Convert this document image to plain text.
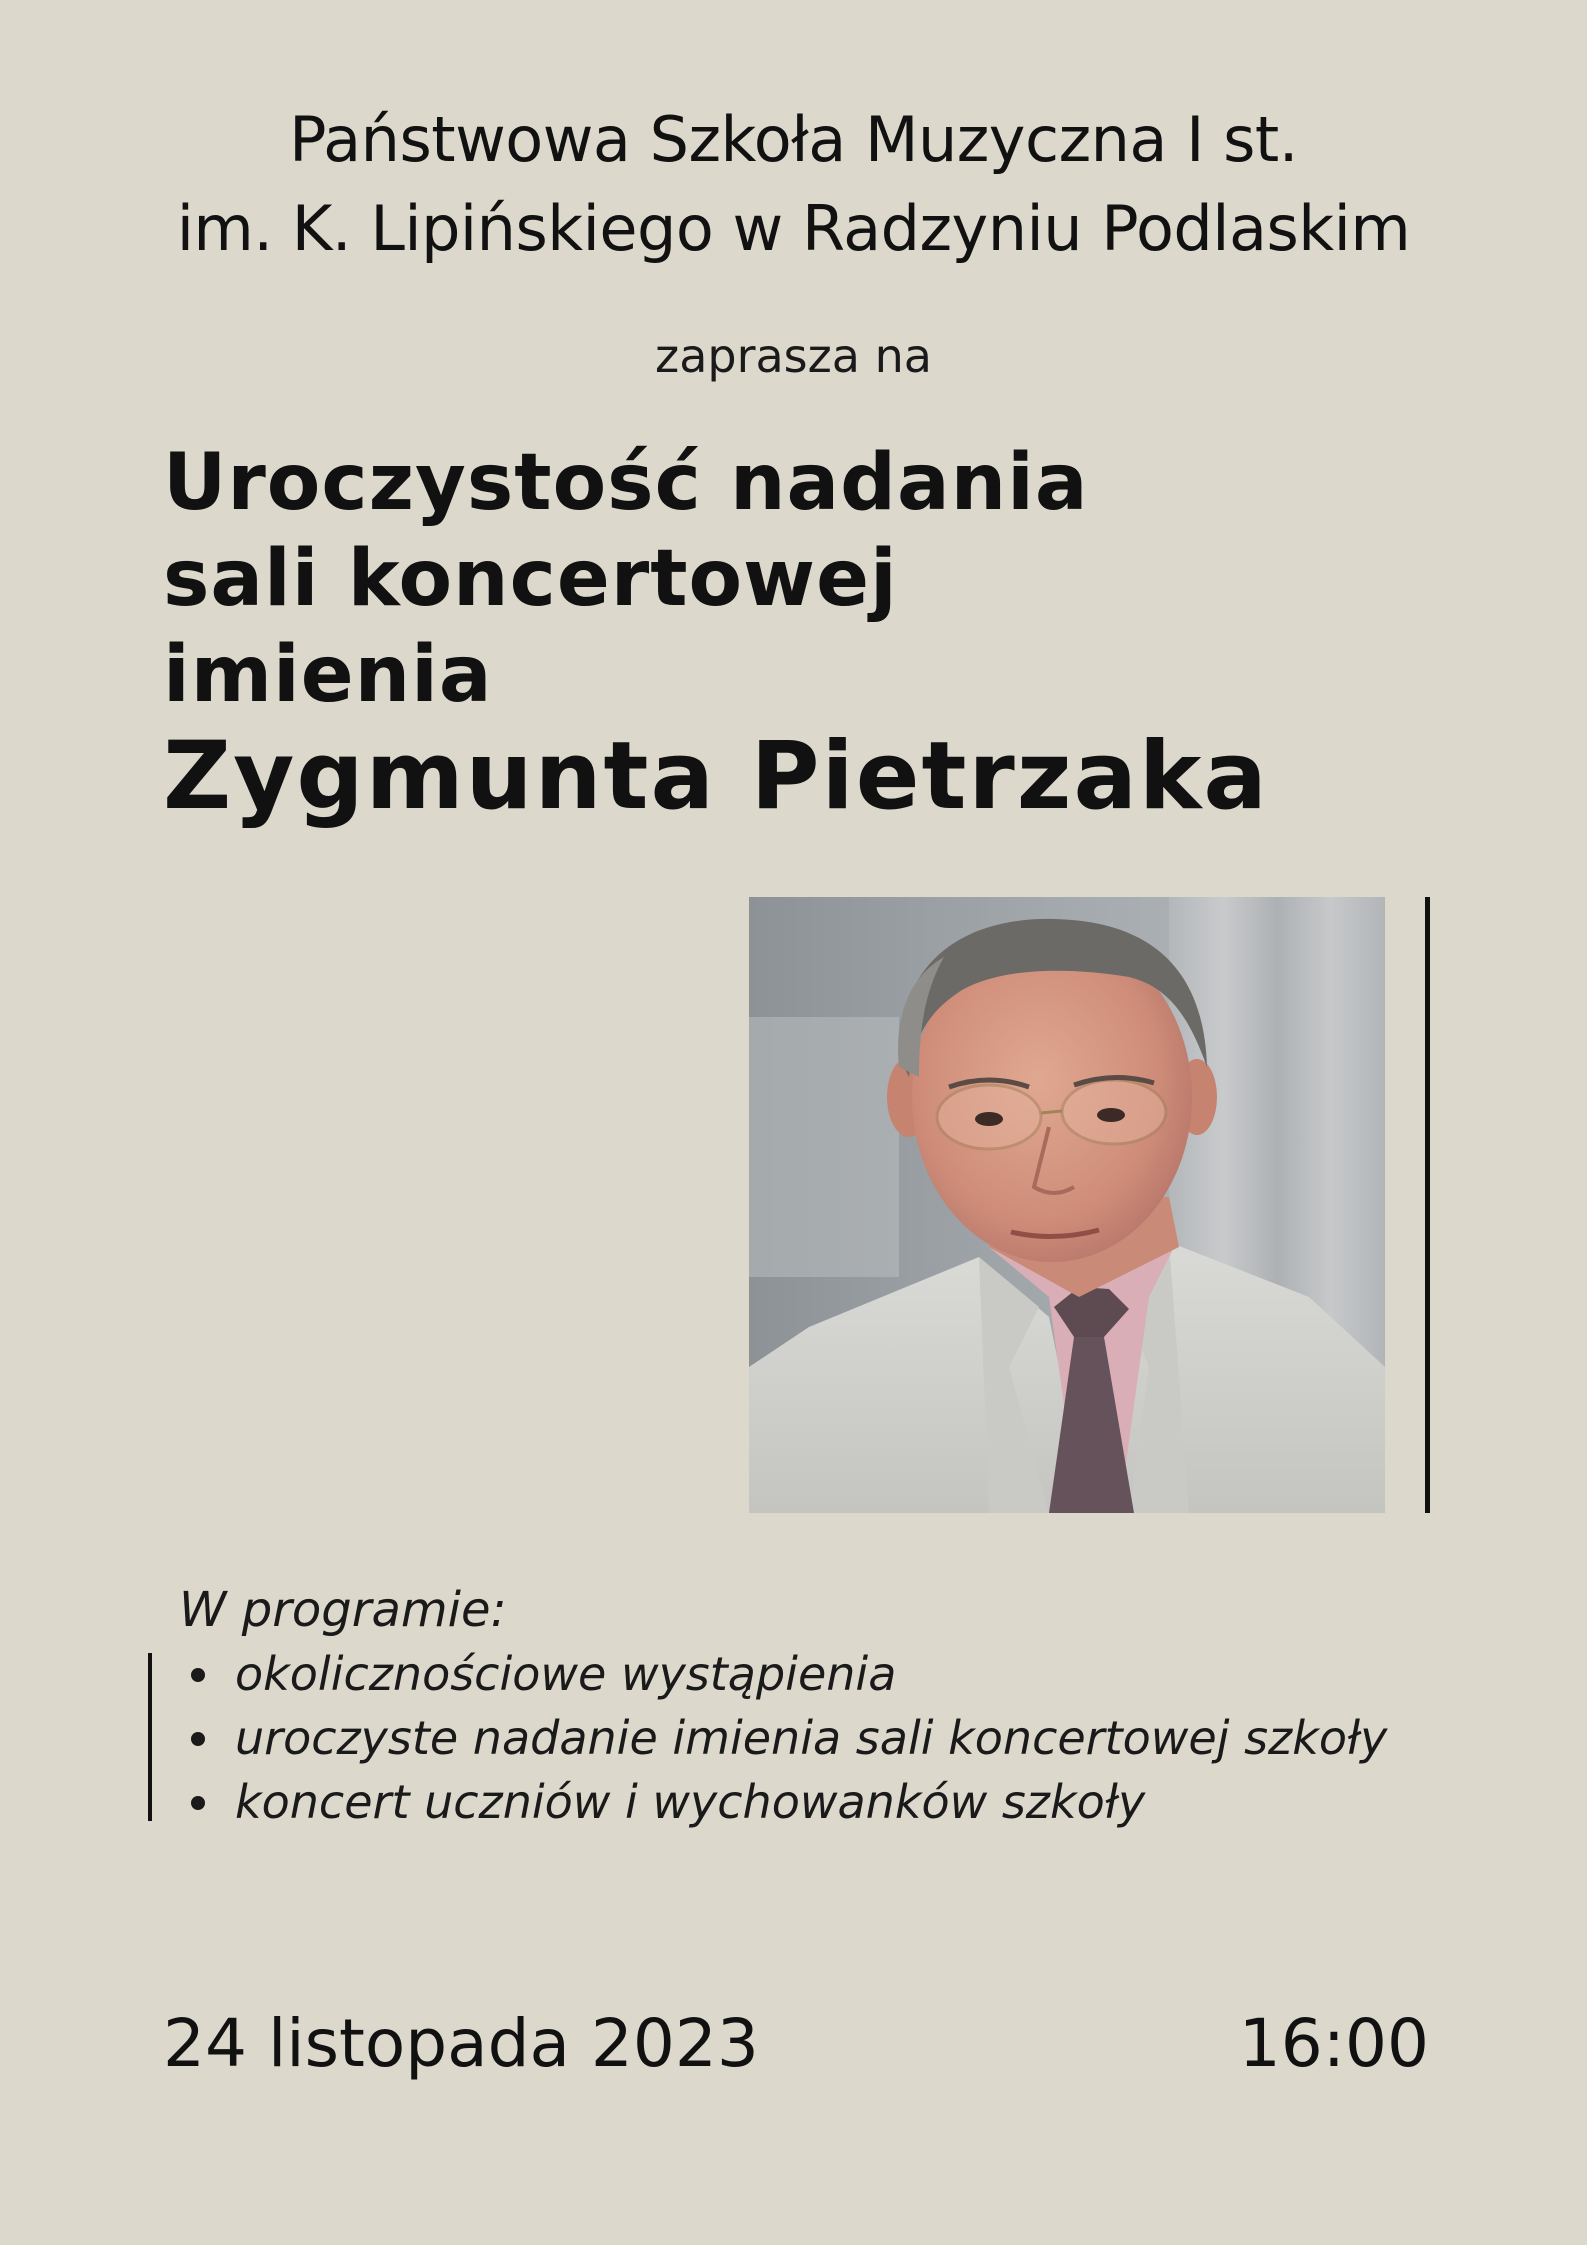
Państwowa Szkoła Muzyczna I st.
im. K. Lipińskiego w Radzyniu Podlaskim
zaprasza na
Uroczystość nadania
sali koncertowej
imienia
Zygmunta Pietrzaka
W programie:
okolicznościowe wystąpienia
uroczyste nadanie imienia sali koncertowej szkoły
koncert uczniów i wychowanków szkoły
24 listopada 2023	16:00
